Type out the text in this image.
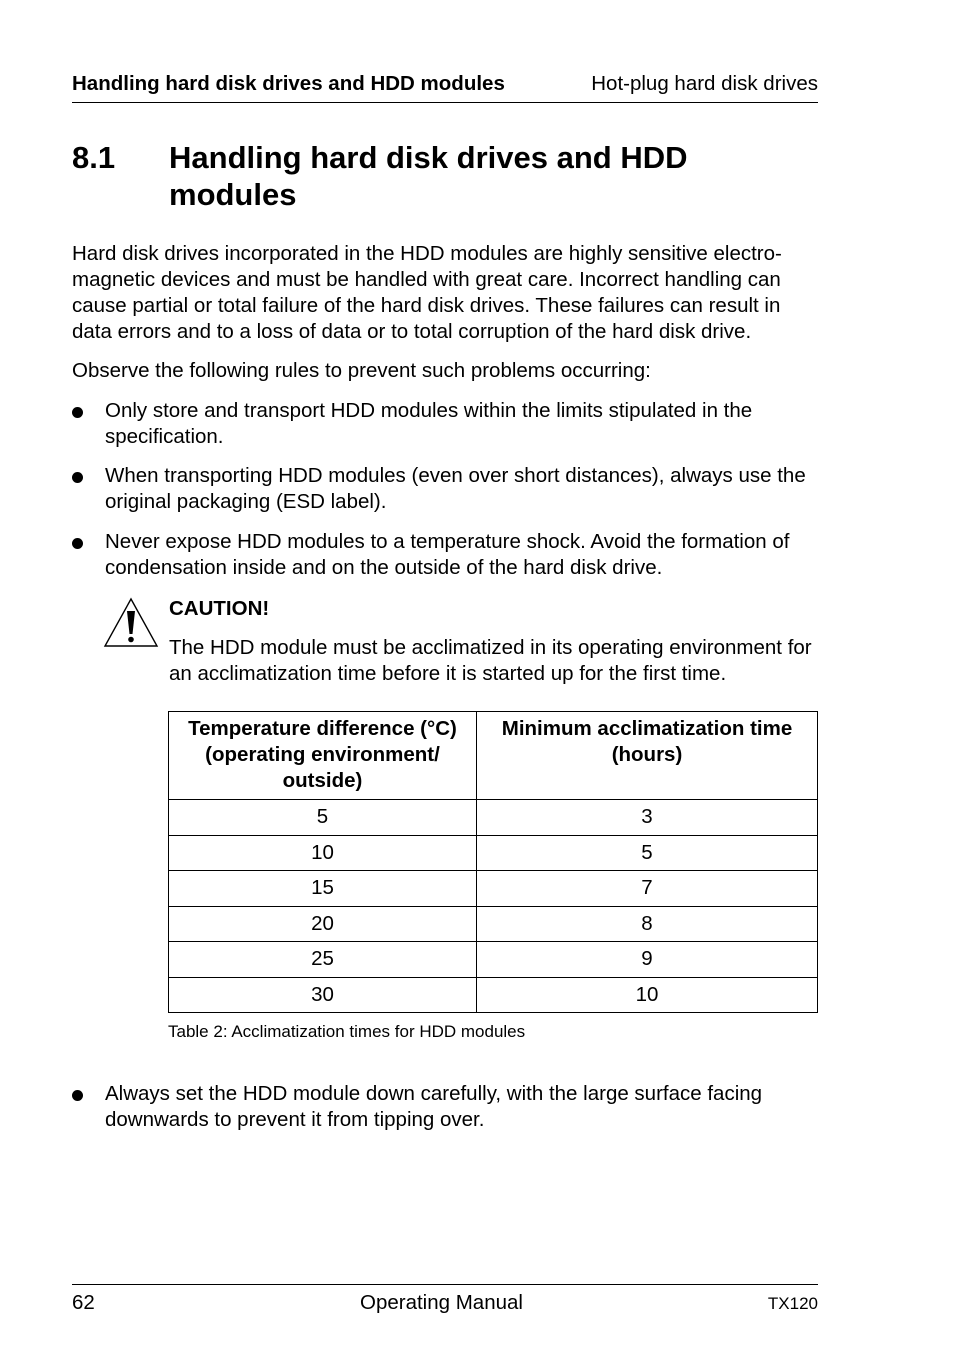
Handling hard disk drives and HDD modules	Hot-plug hard disk drives
8.1 Handling hard disk drives and HDD modules
Hard disk drives incorporated in the HDD modules are highly sensitive electro-magnetic devices and must be handled with great care. Incorrect handling can cause partial or total failure of the hard disk drives. These failures can result in data errors and to a loss of data or to total corruption of the hard disk drive.
Observe the following rules to prevent such problems occurring:
Only store and transport HDD modules within the limits stipulated in the specification.
When transporting HDD modules (even over short distances), always use the original packaging (ESD label).
Never expose HDD modules to a temperature shock. Avoid the formation of condensation inside and on the outside of the hard disk drive.
CAUTION!
The HDD module must be acclimatized in its operating environment for an acclimatization time before it is started up for the first time.
Temperature difference (°C) (operating environment/ outside)	Minimum acclimatization time (hours)
5	3
10	5
15	7
20	8
25	9
30	10
Table 2: Acclimatization times for HDD modules
Always set the HDD module down carefully, with the large surface facing downwards to prevent it from tipping over.
62	Operating Manual	TX120
